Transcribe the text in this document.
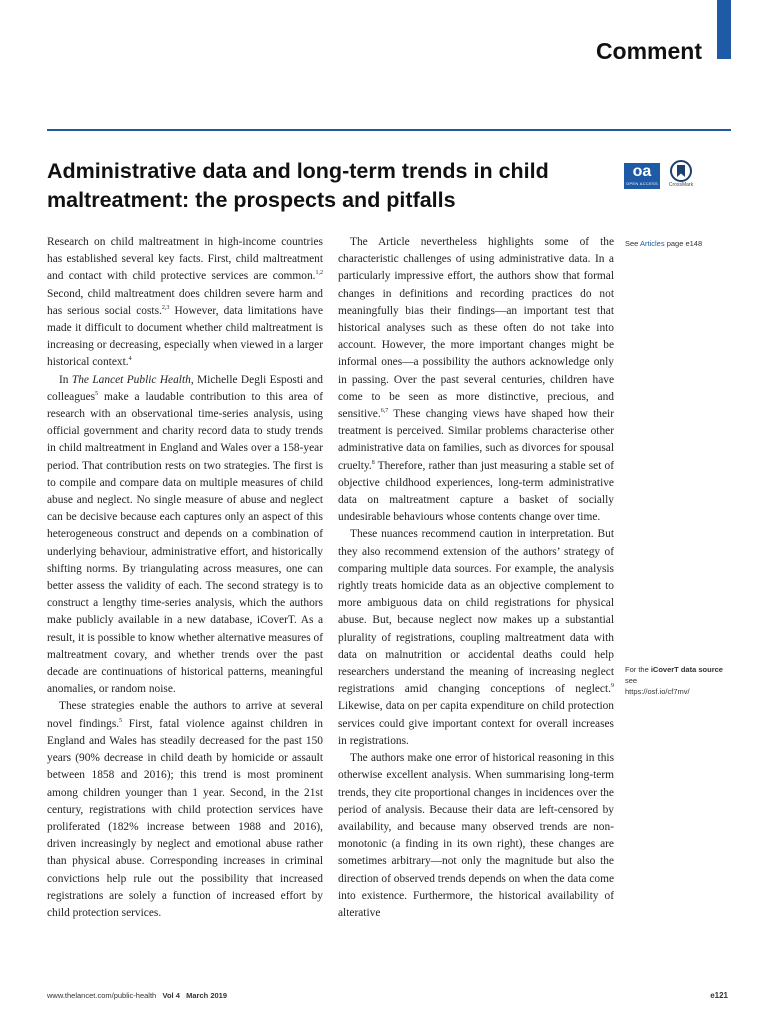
Comment
Administrative data and long-term trends in child maltreatment: the prospects and pitfalls
oa
OPEN ACCESS	CrossMark

Research on child maltreatment in high-income countries has established several key facts. First, child maltreatment and contact with child protective services are common.$^{1,2}$ Second, child maltreatment does children severe harm and has serious social costs.$^{2,3}$ However, data limitations have made it difficult to document whether child maltreatment is increasing or decreasing, especially when viewed in a larger historical context.$^4$

In The Lancet Public Health, Michelle Degli Esposti and colleagues$^5$ make a laudable contribution to this area of research with an observational time-series analysis, using official government and charity record data to study trends in child maltreatment in England and Wales over a 158-year period. That contribution rests on two strategies. The first is to compile and compare data on multiple measures of child abuse and neglect. No single measure of abuse and neglect can be decisive because each captures only an aspect of this heterogeneous construct and depends on a combination of underlying behaviour, administrative effort, and historically shifting norms. By triangulating across measures, one can better assess the validity of each. The second strategy is to construct a lengthy time-series analysis, which the authors make publicly available in a new database, iCoverT. As a result, it is possible to know whether alternative measures of maltreatment covary, and whether trends over the past decade are continuations of historical patterns, meaningful anomalies, or random noise.

These strategies enable the authors to arrive at several novel findings.$^5$ First, fatal violence against children in England and Wales has steadily decreased for the past 150 years (90% decrease in child death by homicide or assault between 1858 and 2016); this trend is most prominent among children younger than 1 year. Second, in the 21st century, registrations with child protection services have proliferated (182% increase between 1988 and 2016), driven increasingly by neglect and emotional abuse rather than physical abuse. Corresponding increases in criminal convictions help rule out the possibility that increased registrations are solely a function of increased effort by child protection services.

The Article nevertheless highlights some of the characteristic challenges of using administrative data. In a particularly impressive effort, the authors show that formal changes in definitions and recording practices do not meaningfully bias their findings—an important test that historical analyses such as these often do not take into account. However, the more important changes might be informal ones—a possibility the authors acknowledge only in passing. Over the past several centuries, children have come to be seen as more distinctive, precious, and sensitive.$^{6,7}$ These changing views have shaped how their treatment is perceived. Similar problems characterise other administrative data on families, such as divorces for spousal cruelty.$^8$ Therefore, rather than just measuring a stable set of objective childhood experiences, long-term administrative data on maltreatment capture a basket of socially undesirable behaviours whose contents change over time.

These nuances recommend caution in interpretation. But they also recommend extension of the authors’ strategy of comparing multiple data sources. For example, the analysis rightly treats homicide data as an objective complement to more ambiguous data on child registrations for physical abuse. But, because neglect now makes up a substantial plurality of registrations, coupling maltreatment data with data on malnutrition or accidental deaths could help researchers understand the meaning of increasing neglect registrations amid changing conceptions of neglect.$^9$ Likewise, data on per capita expenditure on child protection services could give important context for overall increases in registrations.

The authors make one error of historical reasoning in this otherwise excellent analysis. When summarising long-term trends, they cite proportional changes in incidences over the period of analysis. Because their data are left-censored by availability, and because many observed trends are non-monotonic (a finding in its own right), these changes are sometimes arbitrary—not only the magnitude but also the direction of observed trends depends on when the data come into existence. Furthermore, the historical availability of alterative

See Articles page e148
For the iCoverT data source see
https://osf.io/cf7mv/
www.thelancet.com/public-health Vol 4 March 2019	e121
